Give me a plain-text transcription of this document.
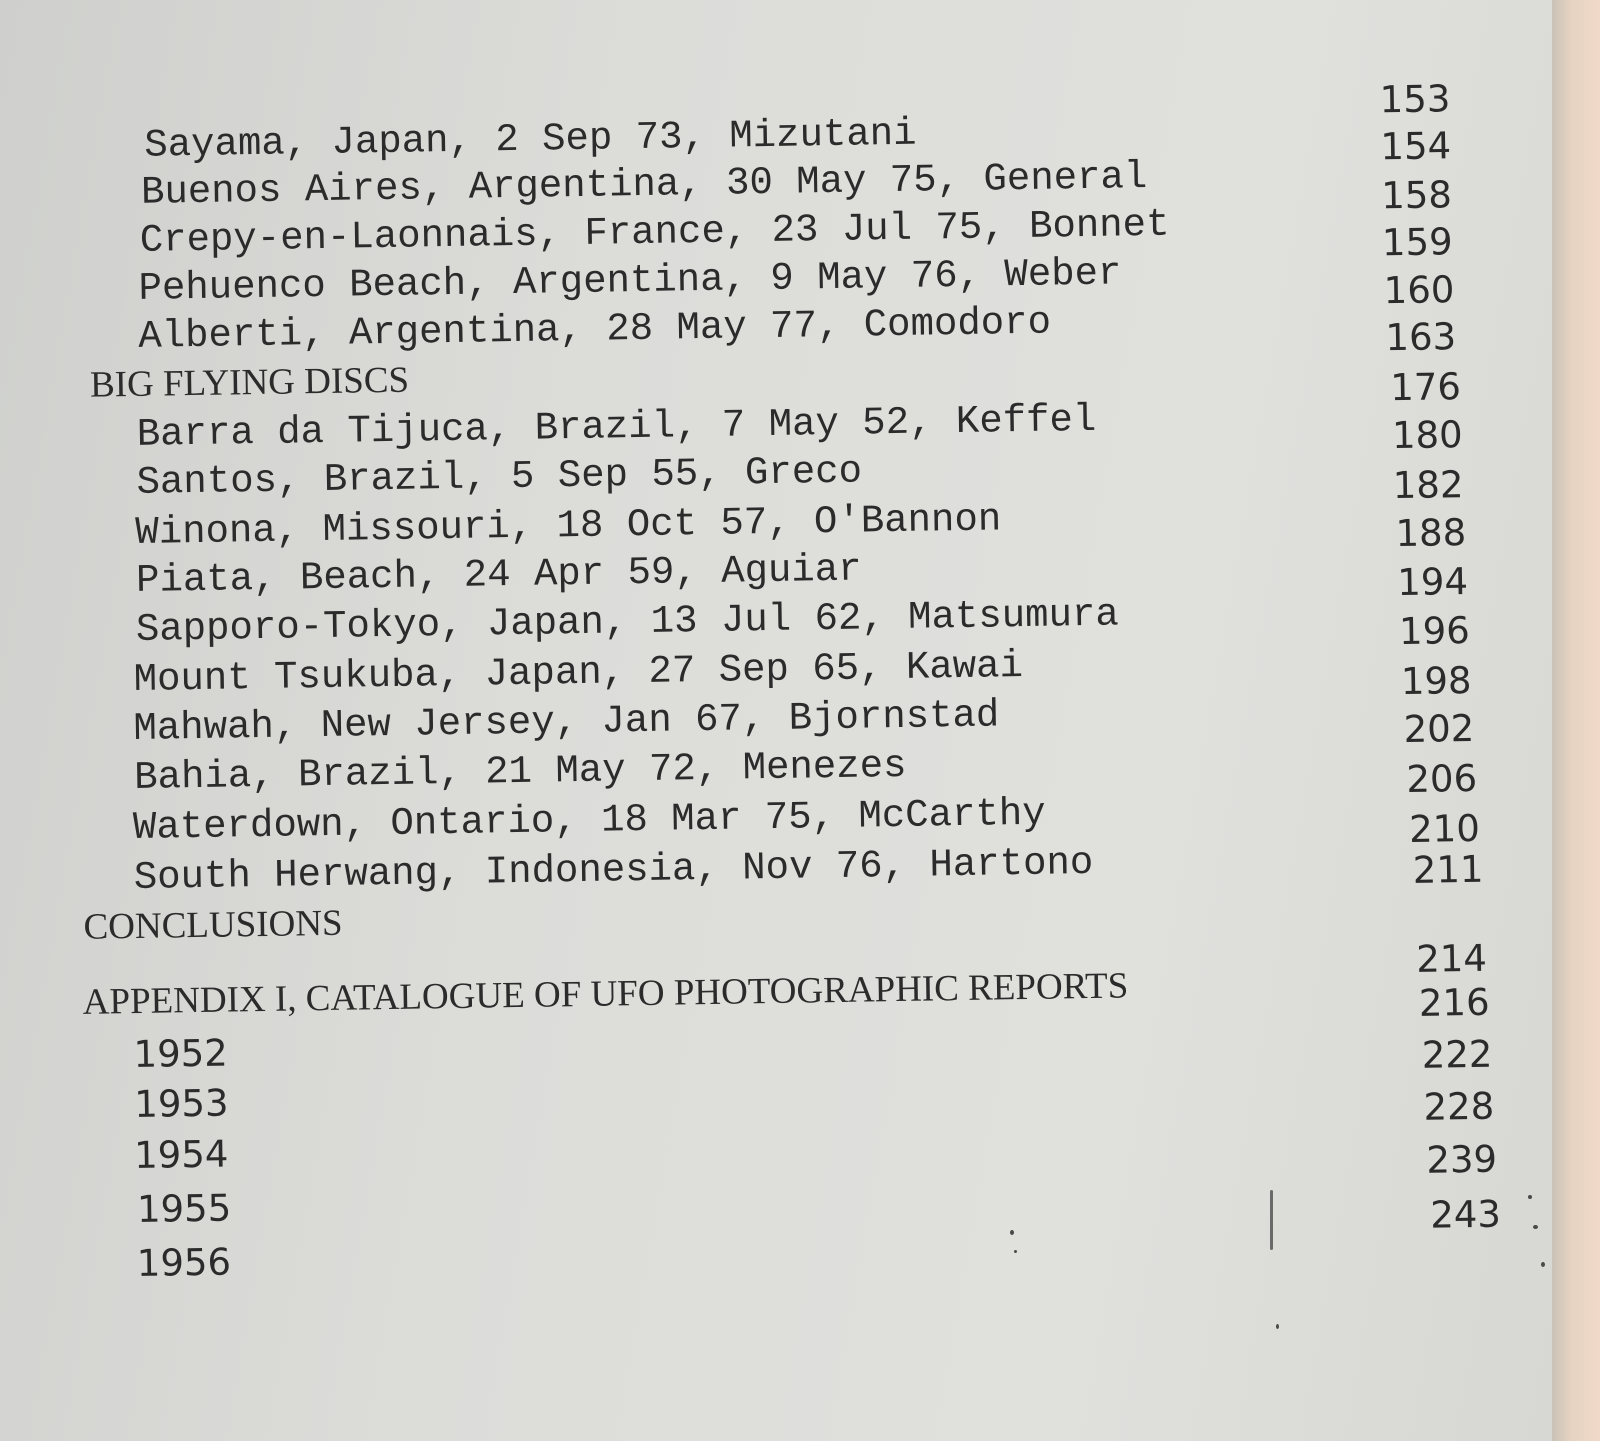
Sayama, Japan, 2 Sep 73, Mizutani
153
Buenos Aires, Argentina, 30 May 75, General
154
Crepy-en-Laonnais, France, 23 Jul 75, Bonnet
158
Pehuenco Beach, Argentina, 9 May 76, Weber
159
Alberti, Argentina, 28 May 77, Comodoro
160
BIG FLYING DISCS
163
Barra da Tijuca, Brazil, 7 May 52, Keffel
176
Santos, Brazil, 5 Sep 55, Greco
180
Winona, Missouri, 18 Oct 57, O'Bannon
182
Piata, Beach, 24 Apr 59, Aguiar
188
Sapporo-Tokyo, Japan, 13 Jul 62, Matsumura
194
Mount Tsukuba, Japan, 27 Sep 65, Kawai
196
Mahwah, New Jersey, Jan 67, Bjornstad
198
Bahia, Brazil, 21 May 72, Menezes
202
Waterdown, Ontario, 18 Mar 75, McCarthy
206
South Herwang, Indonesia, Nov 76, Hartono
210
CONCLUSIONS
211
APPENDIX I, CATALOGUE OF UFO PHOTOGRAPHIC REPORTS
214
1952
216
1953
222
1954
228
1955
239
1956
243
